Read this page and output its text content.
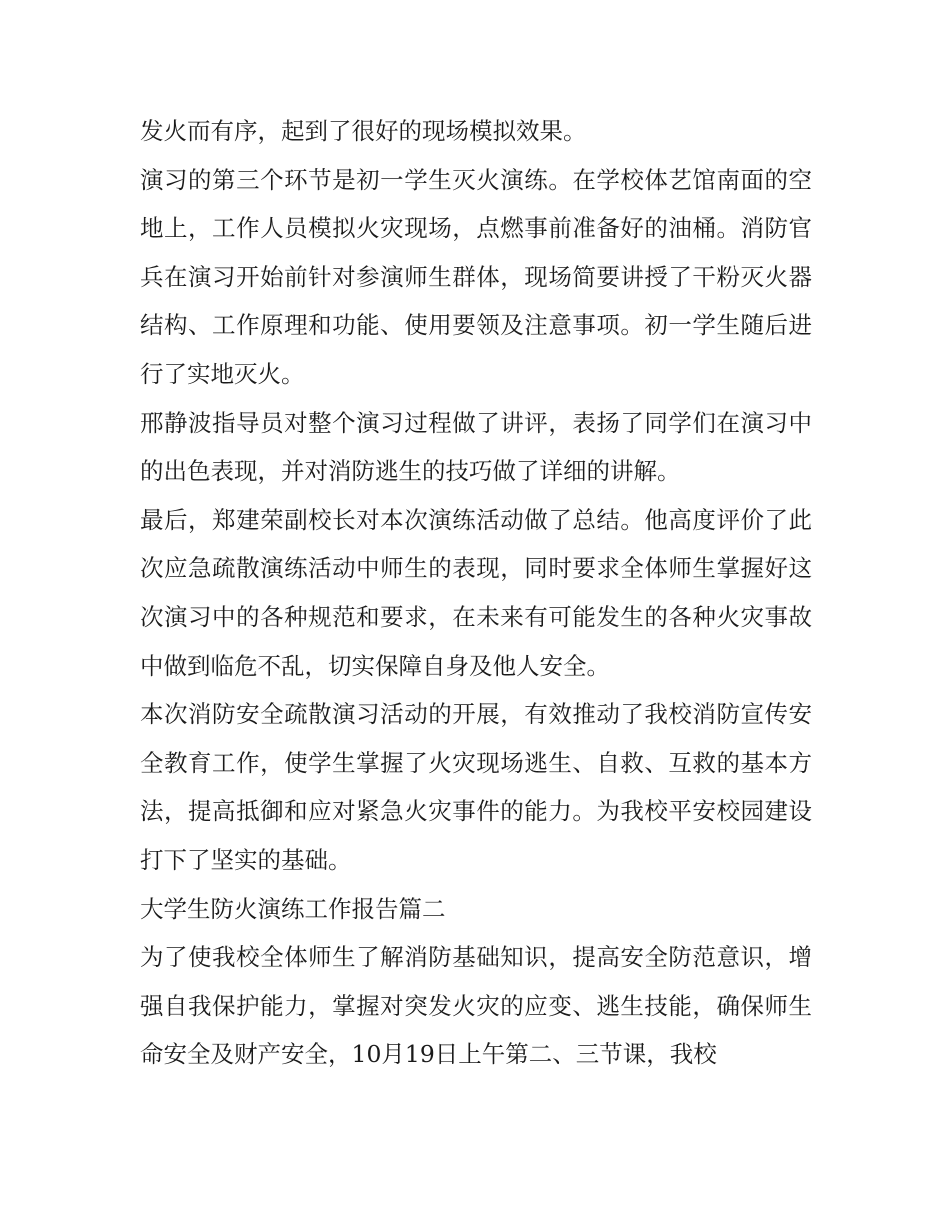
发火而有序，起到了很好的现场模拟效果。

演习的第三个环节是初一学生灭火演练。在学校体艺馆南面的空地上，工作人员模拟火灾现场，点燃事前准备好的油桶。消防官兵在演习开始前针对参演师生群体，现场简要讲授了干粉灭火器结构、工作原理和功能、使用要领及注意事项。初一学生随后进行了实地灭火。

邢静波指导员对整个演习过程做了讲评，表扬了同学们在演习中的出色表现，并对消防逃生的技巧做了详细的讲解。

最后，郑建荣副校长对本次演练活动做了总结。他高度评价了此次应急疏散演练活动中师生的表现，同时要求全体师生掌握好这次演习中的各种规范和要求，在未来有可能发生的各种火灾事故中做到临危不乱，切实保障自身及他人安全。

本次消防安全疏散演习活动的开展，有效推动了我校消防宣传安全教育工作，使学生掌握了火灾现场逃生、自救、互救的基本方法，提高抵御和应对紧急火灾事件的能力。为我校平安校园建设打下了坚实的基础。

大学生防火演练工作报告篇二

为了使我校全体师生了解消防基础知识，提高安全防范意识，增强自我保护能力，掌握对突发火灾的应变、逃生技能，确保师生命安全及财产安全，10月19日上午第二、三节课，我校
